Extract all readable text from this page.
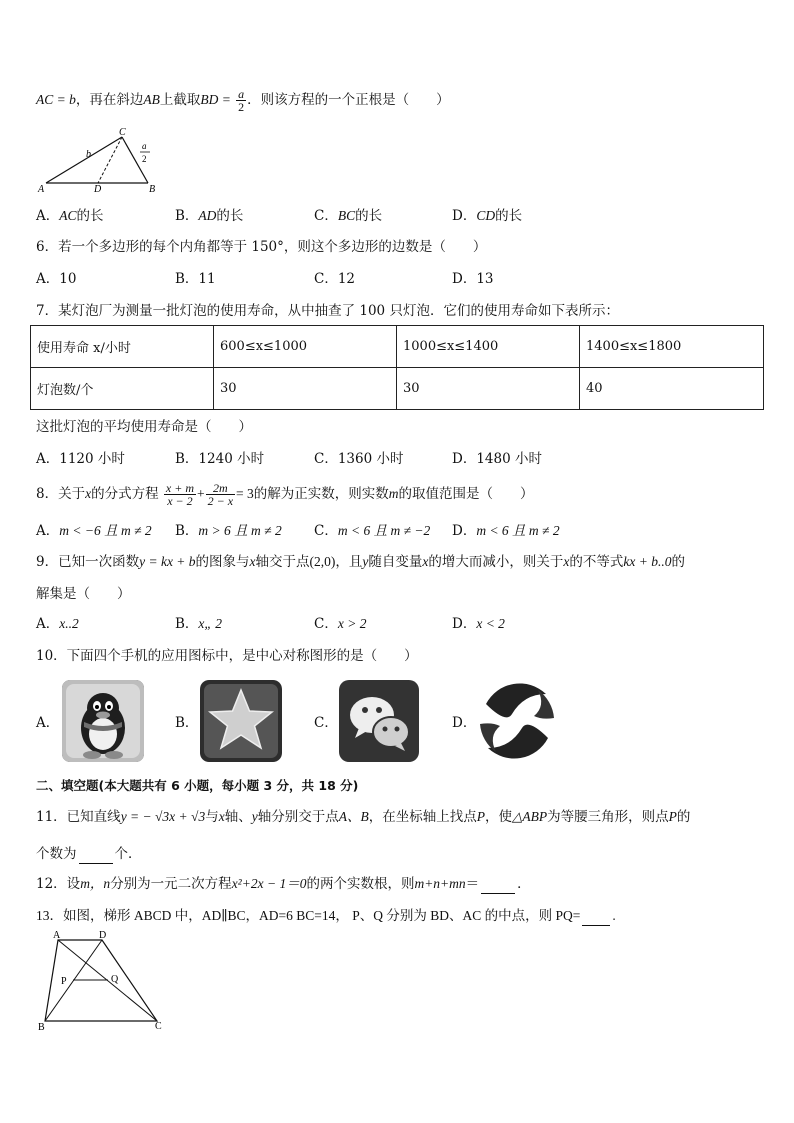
AC = b，再在斜边AB上截取BD = $\frac{a}{2}$ ．则该方程的一个正根是（　　）
C
A	D	B
b
a
2
A．AC的长	B．AD的长	C．BC的长	D．CD的长
6．若一个多边形的每个内角都等于 150°，则这个多边形的边数是（　　）
A．10	B．11	C．12	D．13
7．某灯泡厂为测量一批灯泡的使用寿命，从中抽查了 100 只灯泡．它们的使用寿命如下表所示：
使用寿命 x/小时	600≤x≤1000	1000≤x≤1400	1400≤x≤1800
灯泡数/个	30	30	40
这批灯泡的平均使用寿命是（　　）
A．1120 小时	B．1240 小时	C．1360 小时	D．1480 小时
8．关于x的分式方程 $\frac{x + m}{x - 2} + \frac{2m}{2 - x} = 3$的解为正实数，则实数m的取值范围是（　　）
A．m < −6 且 m ≠ 2 B．m > 6 且 m ≠ 2 C．m < 6 且 m ≠ −2 D．m < 6 且 m ≠ 2
9．已知一次函数y = kx + b的图象与x轴交于点(2,0)，且y随自变量x的增大而减小，则关于x的不等式kx + b..0的
解集是（　　）
A．x..2	B．x„ 2	C．x > 2	D．x < 2
10．下面四个手机的应用图标中，是中心对称图形的是（　　）
A．	B．	C．	D．
二、填空题(本大题共有 6 小题，每小题 3 分，共 18 分)
11．已知直线y = − √3x + √3与x轴、y轴分别交于点A、B，在坐标轴上找点P，使△ABP为等腰三角形，则点P的
个数为	个．
12．设m，n分别为一元二次方程x²+2x − 1＝0的两个实数根，则m+n+mn＝	．
13．如图，梯形 ABCD 中，AD∥BC，AD=6 BC=14， P、Q 分别为 BD、AC 的中点，则 PQ= .
A	D
P	Q
B	C
